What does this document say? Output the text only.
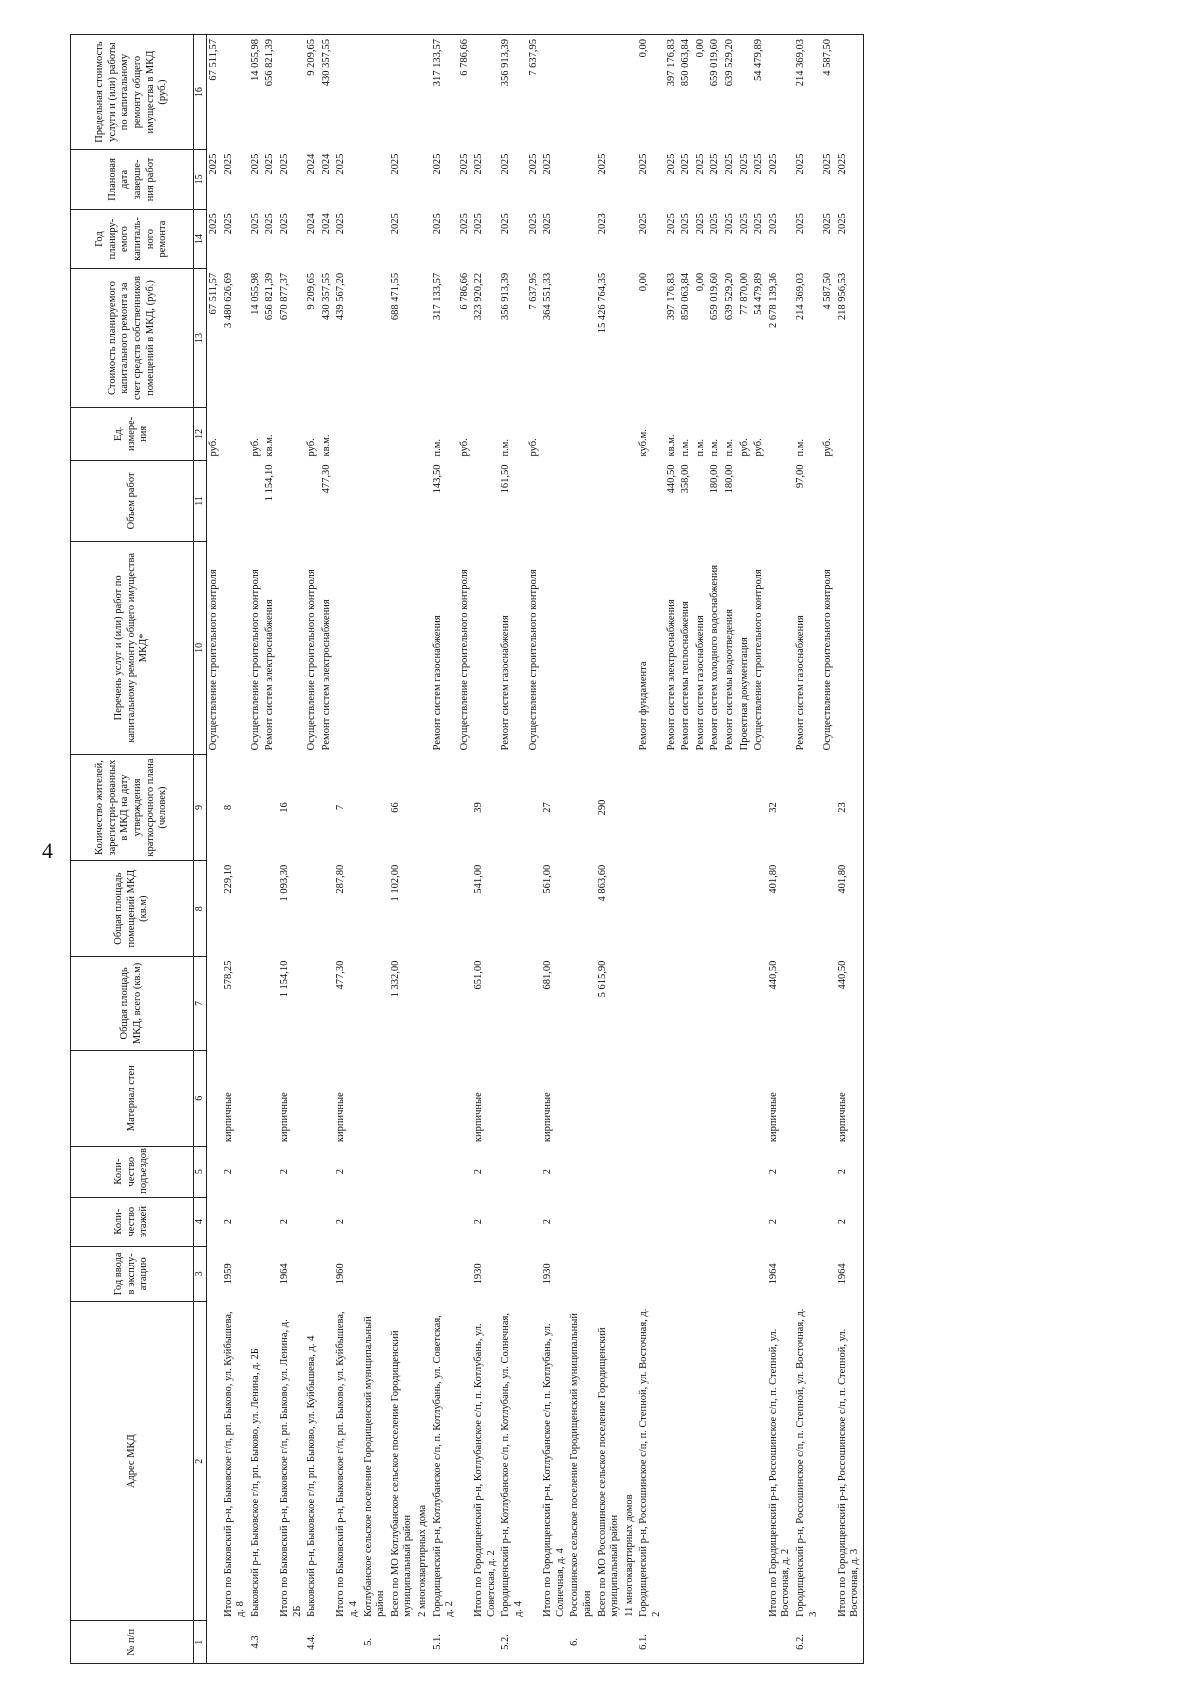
4
№ п/п	Адрес МКД	Год ввода в эксплу-атацию	Коли-чество этажей	Коли-чество подъездов	Материал стен	Общая площадь МКД, всего (кв.м)	Общая площадь помещений МКД (кв.м)	Количество жителей, зарегистри-рованных в МКД на дату утверждения краткосрочного плана (человек)	Перечень услуг и (или) работ по капитальному ремонту общего имущества МКД*	Объем работ	Ед. измере-ния	Стоимость планируемого капитального ремонта за счет средств собственников помещений в МКД, (руб.)	Год планиру-емого капиталь-ного ремонта	Плановая дата заверше-ния работ	Предельная стоимость услуги и (или) работы по капитальному ремонту общего имущества в МКД (руб.)
1	2	3	4	5	6	7	8	9	10	11	12	13	14	15	16
									Осуществление строительного контроля		руб.	67 511,57	2025	2025	67 511,57
	Итого по Быковский р-н, Быковское г/п, рп. Быково, ул. Куйбышева, д. 8	1959	2	2	кирпичные	578,25	229,10	8				3 480 626,69	2025	2025	
4.3	Быковский р-н, Быковское г/п, рп. Быково, ул. Ленина, д. 2Б								Осуществление строительного контроля		руб.	14 055,98	2025	2025	14 055,98
									Ремонт систем электроснабжения	1 154,10	кв.м.	656 821,39	2025	2025	656 821,39
	Итого по Быковский р-н, Быковское г/п, рп. Быково, ул. Ленина, д. 2Б	1964	2	2	кирпичные	1 154,10	1 093,30	16				670 877,37	2025	2025	
4.4.	Быковский р-н, Быковское г/п, рп. Быково, ул. Куйбышева, д. 4								Осуществление строительного контроля		руб.	9 209,65	2024	2024	9 209,65
									Ремонт систем электроснабжения	477,30	кв.м.	430 357,55	2024	2024	430 357,55
	Итого по Быковский р-н, Быковское г/п, рп. Быково, ул. Куйбышева, д. 4	1960	2	2	кирпичные	477,30	287,80	7				439 567,20	2025	2025	
5.	Котлубанское сельское поселение Городищенский муниципальный район														
	Всего по МО Котлубанское сельское поселение Городищенский муниципальный район					1 332,00	1 102,00	66				688 471,55	2025	2025	
	2 многоквартирных дома														
5.1.	Городищенский р-н, Котлубанское с/п, п. Котлубань, ул. Советская, д. 2								Ремонт систем газоснабжения	143,50	п.м.	317 133,57	2025	2025	317 133,57
									Осуществление строительного контроля		руб.	6 786,66	2025	2025	6 786,66
	Итого по Городищенский р-н, Котлубанское с/п, п. Котлубань, ул. Советская, д. 2	1930	2	2	кирпичные	651,00	541,00	39				323 920,22	2025	2025	
5.2.	Городищенский р-н, Котлубанское с/п, п. Котлубань, ул. Солнечная, д. 4								Ремонт систем газоснабжения	161,50	п.м.	356 913,39	2025	2025	356 913,39
									Осуществление строительного контроля		руб.	7 637,95	2025	2025	7 637,95
	Итого по Городищенский р-н, Котлубанское с/п, п. Котлубань, ул. Солнечная, д. 4	1930	2	2	кирпичные	681,00	561,00	27				364 551,33	2025	2025	
6.	Россошинское сельское поселение Городищенский муниципальный район														
	Всего по МО Россошинское сельское поселение Городищенский муниципальный район					5 615,90	4 863,60	290				15 426 764,35	2023	2025	
	11 многоквартирных домов														
6.1.	Городищенский р-н, Россошинское с/п, п. Степной, ул. Восточная, д. 2								Ремонт фундамента		куб.м.	0,00	2025	2025	0,00
									Ремонт систем электроснабжения	440,50	кв.м.	397 176,83	2025	2025	397 176,83
									Ремонт системы теплоснабжения	358,00	п.м.	850 063,84	2025	2025	850 063,84
									Ремонт систем газоснабжения		п.м.	0,00	2025	2025	0,00
									Ремонт систем холодного водоснабжения	180,00	п.м.	659 019,60	2025	2025	659 019,60
									Ремонт системы водоотведения	180,00	п.м.	639 529,20	2025	2025	639 529,20
									Проектная документация		руб.	77 870,00	2025	2025	
									Осуществление строительного контроля		руб.	54 479,89	2025	2025	54 479,89
	Итого по Городищенский р-н, Россошинское с/п, п. Степной, ул. Восточная, д. 2	1964	2	2	кирпичные	440,50	401,80	32				2 678 139,36	2025	2025	
6.2.	Городищенский р-н, Россошинское с/п, п. Степной, ул. Восточная, д. 3								Ремонт систем газоснабжения	97,00	п.м.	214 369,03	2025	2025	214 369,03
									Осуществление строительного контроля		руб.	4 587,50	2025	2025	4 587,50
	Итого по Городищенский р-н, Россошинское с/п, п. Степной, ул. Восточная, д. 3	1964	2	2	кирпичные	440,50	401,80	23				218 956,53	2025	2025	
